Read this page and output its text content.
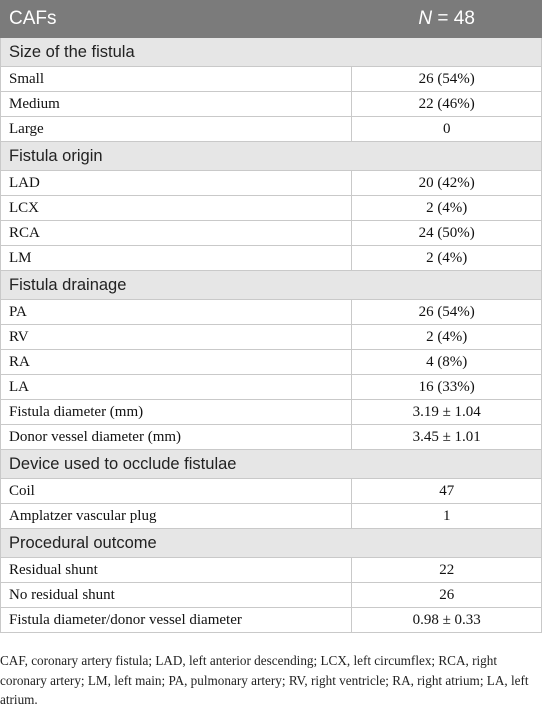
CAFs	N = 48
Size of the fistula	
Small	26 (54%)
Medium	22 (46%)
Large	0
Fistula origin	
LAD	20 (42%)
LCX	2 (4%)
RCA	24 (50%)
LM	2 (4%)
Fistula drainage	
PA	26 (54%)
RV	2 (4%)
RA	4 (8%)
LA	16 (33%)
Fistula diameter (mm)	3.19 ± 1.04
Donor vessel diameter (mm)	3.45 ± 1.01
Device used to occlude fistulae	
Coil	47
Amplatzer vascular plug	1
Procedural outcome	
Residual shunt	22
No residual shunt	26
Fistula diameter/donor vessel diameter	0.98 ± 0.33

CAF, coronary artery fistula; LAD, left anterior descending; LCX, left circumflex; RCA, right coronary artery; LM, left main; PA, pulmonary artery; RV, right ventricle; RA, right atrium; LA, left atrium.
